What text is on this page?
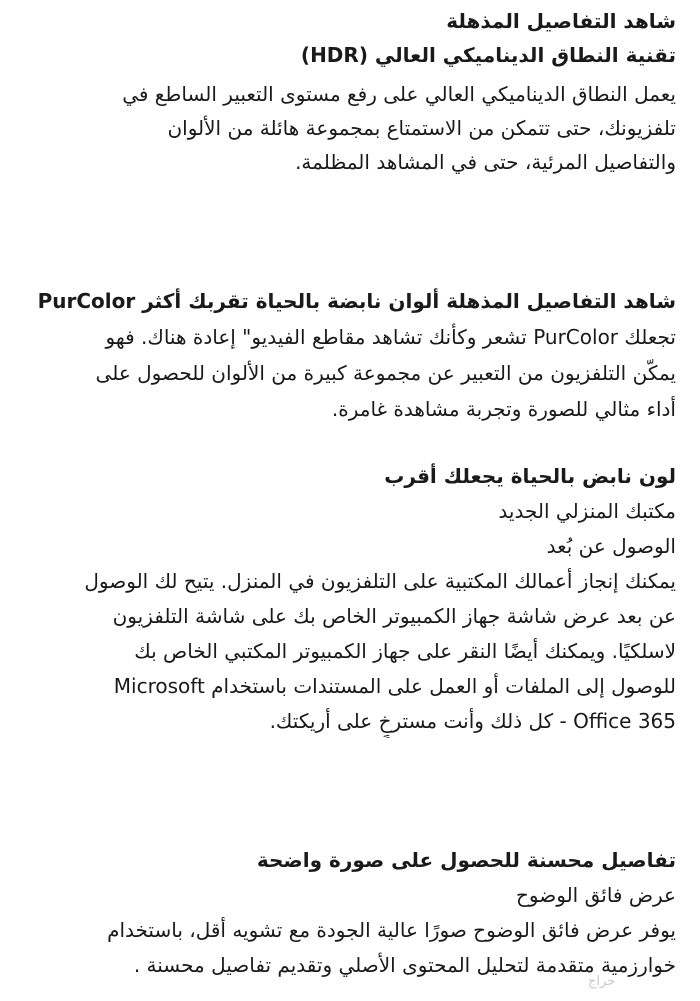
شاهد التفاصيل المذهلة
تقنية النطاق الديناميكي العالي (HDR)
يعمل النطاق الديناميكي العالي على رفع مستوى التعبير الساطع في
تلفزيونك، حتى تتمكن من الاستمتاع بمجموعة هائلة من الألوان
والتفاصيل المرئية، حتى في المشاهد المظلمة.
شاهد التفاصيل المذهلة ألوان نابضة بالحياة تقربك أكثر PurColor
تجعلك PurColor تشعر وكأنك تشاهد مقاطع الفيديو" إعادة هناك. فهو
يمكّن التلفزيون من التعبير عن مجموعة كبيرة من الألوان للحصول على
أداء مثالي للصورة وتجربة مشاهدة غامرة.
لون نابض بالحياة يجعلك أقرب
مكتبك المنزلي الجديد
الوصول عن بُعد
يمكنك إنجاز أعمالك المكتبية على التلفزيون في المنزل. يتيح لك الوصول
عن بعد عرض شاشة جهاز الكمبيوتر الخاص بك على شاشة التلفزيون
لاسلكيًا. ويمكنك أيضًا النقر على جهاز الكمبيوتر المكتبي الخاص بك
للوصول إلى الملفات أو العمل على المستندات باستخدام Microsoft
Office 365 - كل ذلك وأنت مسترخٍ على أريكتك.
تفاصيل محسنة للحصول على صورة واضحة
عرض فائق الوضوح
يوفر عرض فائق الوضوح صورًا عالية الجودة مع تشويه أقل، باستخدام
خوارزمية متقدمة لتحليل المحتوى الأصلي وتقديم تفاصيل محسنة .
حراج
